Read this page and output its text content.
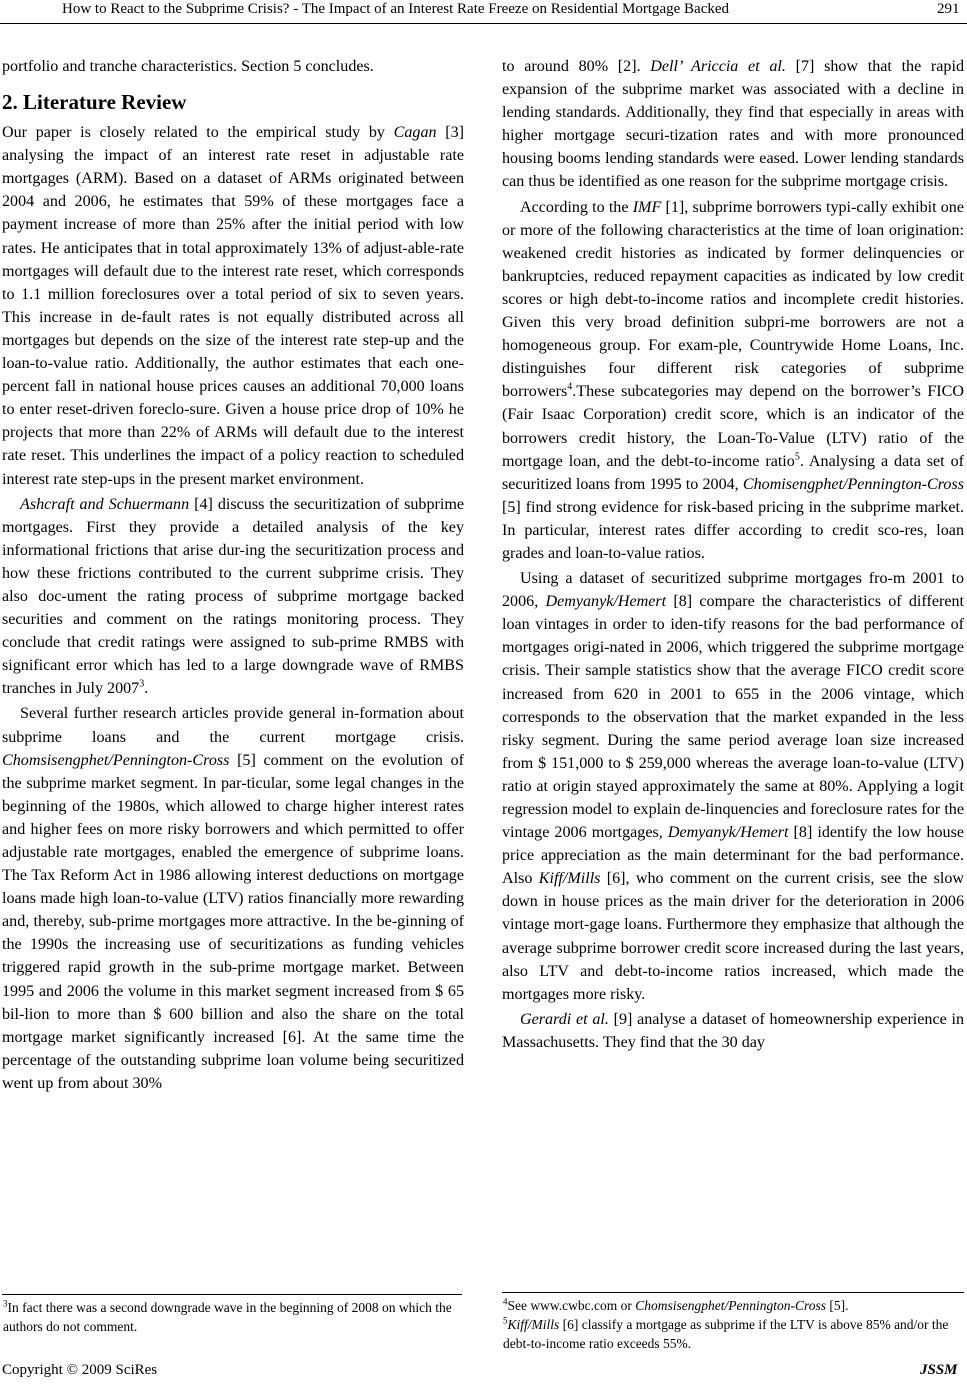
How to React to the Subprime Crisis? - The Impact of an Interest Rate Freeze on Residential Mortgage Backed	291

portfolio and tranche characteristics. Section 5 concludes.

2. Literature Review

Our paper is closely related to the empirical study by Cagan [3] analysing the impact of an interest rate reset in adjustable rate mortgages (ARM). Based on a dataset of ARMs originated between 2004 and 2006, he estimates that 59% of these mortgages face a payment increase of more than 25% after the initial period with low rates. He anticipates that in total approximately 13% of adjust-able-rate mortgages will default due to the interest rate reset, which corresponds to 1.1 million foreclosures over a total period of six to seven years. This increase in de-fault rates is not equally distributed across all mortgages but depends on the size of the interest rate step-up and the loan-to-value ratio. Additionally, the author estimates that each one-percent fall in national house prices causes an additional 70,000 loans to enter reset-driven foreclo-sure. Given a house price drop of 10% he projects that more than 22% of ARMs will default due to the interest rate reset. This underlines the impact of a policy reaction to scheduled interest rate step-ups in the present market environment.

Ashcraft and Schuermann [4] discuss the securitization of subprime mortgages. First they provide a detailed analysis of the key informational frictions that arise dur-ing the securitization process and how these frictions contributed to the current subprime crisis. They also doc-ument the rating process of subprime mortgage backed securities and comment on the ratings monitoring process. They conclude that credit ratings were assigned to sub-prime RMBS with significant error which has led to a large downgrade wave of RMBS tranches in July 2007$^3$.

Several further research articles provide general in-formation about subprime loans and the current mortgage crisis. Chomsisengphet/Pennington-Cross [5] comment on the evolution of the subprime market segment. In par-ticular, some legal changes in the beginning of the 1980s, which allowed to charge higher interest rates and higher fees on more risky borrowers and which permitted to offer adjustable rate mortgages, enabled the emergence of subprime loans. The Tax Reform Act in 1986 allowing interest deductions on mortgage loans made high loan-to-value (LTV) ratios financially more rewarding and, thereby, sub-prime mortgages more attractive. In the be-ginning of the 1990s the increasing use of securitizations as funding vehicles triggered rapid growth in the sub-prime mortgage market. Between 1995 and 2006 the volume in this market segment increased from $ 65 bil-lion to more than $ 600 billion and also the share on the total mortgage market significantly increased [6]. At the same time the percentage of the outstanding subprime loan volume being securitized went up from about 30%

to around 80% [2]. Dell’ Ariccia et al. [7] show that the rapid expansion of the subprime market was associated with a decline in lending standards. Additionally, they find that especially in areas with higher mortgage securi-tization rates and with more pronounced housing booms lending standards were eased. Lower lending standards can thus be identified as one reason for the subprime mortgage crisis.

According to the IMF [1], subprime borrowers typi-cally exhibit one or more of the following characteristics at the time of loan origination: weakened credit histories as indicated by former delinquencies or bankruptcies, reduced repayment capacities as indicated by low credit scores or high debt-to-income ratios and incomplete credit histories. Given this very broad definition subpri-me borrowers are not a homogeneous group. For exam-ple, Countrywide Home Loans, Inc. distinguishes four different risk categories of subprime borrowers$^4$.These subcategories may depend on the borrower’s FICO (Fair Isaac Corporation) credit score, which is an indicator of the borrowers credit history, the Loan-To-Value (LTV) ratio of the mortgage loan, and the debt-to-income ratio$^5$. Analysing a data set of securitized loans from 1995 to 2004, Chomisengphet/Pennington-Cross [5] find strong evidence for risk-based pricing in the subprime market. In particular, interest rates differ according to credit sco-res, loan grades and loan-to-value ratios.

Using a dataset of securitized subprime mortgages fro-m 2001 to 2006, Demyanyk/Hemert [8] compare the characteristics of different loan vintages in order to iden-tify reasons for the bad performance of mortgages origi-nated in 2006, which triggered the subprime mortgage crisis. Their sample statistics show that the average FICO credit score increased from 620 in 2001 to 655 in the 2006 vintage, which corresponds to the observation that the market expanded in the less risky segment. During the same period average loan size increased from $ 151,000 to $ 259,000 whereas the average loan-to-value (LTV) ratio at origin stayed approximately the same at 80%. Applying a logit regression model to explain de-linquencies and foreclosure rates for the vintage 2006 mortgages, Demyanyk/Hemert [8] identify the low house price appreciation as the main determinant for the bad performance. Also Kiff/Mills [6], who comment on the current crisis, see the slow down in house prices as the main driver for the deterioration in 2006 vintage mort-gage loans. Furthermore they emphasize that although the average subprime borrower credit score increased during the last years, also LTV and debt-to-income ratios increased, which made the mortgages more risky.

Gerardi et al. [9] analyse a dataset of homeownership experience in Massachusetts. They find that the 30 day

$^3$In fact there was a second downgrade wave in the beginning of 2008 on which the authors do not comment.
$^4$See www.cwbc.com or Chomsisengphet/Pennington-Cross [5].
$^5$Kiff/Mills [6] classify a mortgage as subprime if the LTV is above 85% and/or the debt-to-income ratio exceeds 55%.
Copyright © 2009 SciRes	JSSM
